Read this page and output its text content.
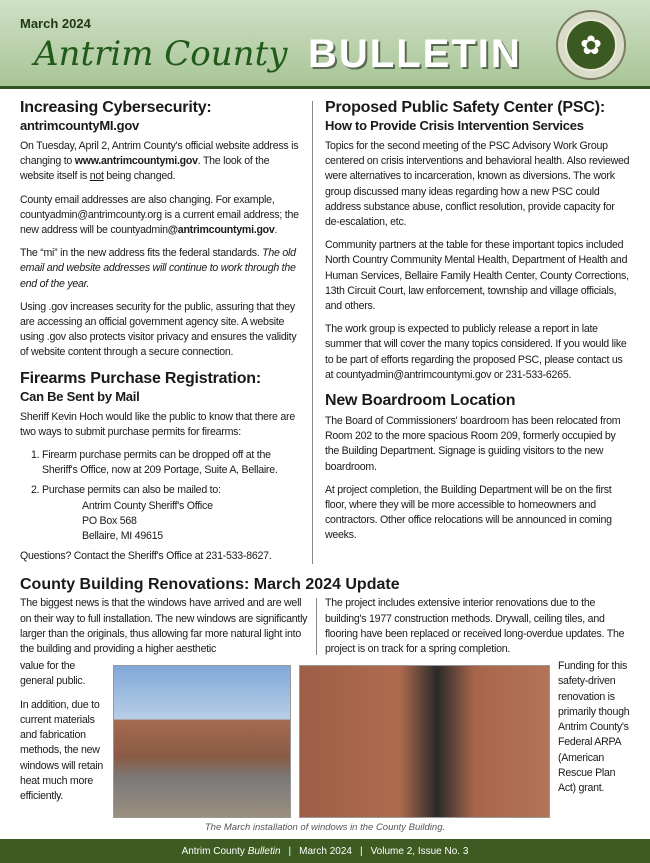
March 2024
Antrim County BULLETIN	✿
Increasing Cybersecurity:
antrimcountyMI.gov

On Tuesday, April 2, Antrim County's official website address is changing to www.antrimcountymi.gov. The look of the website itself is not being changed.

County email addresses are also changing. For example, countyadmin@antrimcounty.org is a current email address; the new address will be countyadmin@antrimcountymi.gov.

The “mi” in the new address fits the federal standards. The old email and website addresses will continue to work through the end of the year.

Using .gov increases security for the public, assuring that they are accessing an official government agency site. A website using .gov also protects visitor privacy and ensures the validity of website content through a secure connection.

Firearms Purchase Registration:
Can Be Sent by Mail

Sheriff Kevin Hoch would like the public to know that there are two ways to submit purchase permits for firearms:

1. Firearm purchase permits can be dropped off at the Sheriff's Office, now at 209 Portage, Suite A, Bellaire.
2. Purchase permits can also be mailed to:
Antrim County Sheriff's Office
PO Box 568
Bellaire, MI 49615

Questions? Contact the Sheriff's Office at 231-533-8627.

Proposed Public Safety Center (PSC):
How to Provide Crisis Intervention Services

Topics for the second meeting of the PSC Advisory Work Group centered on crisis interventions and behavioral health. Also reviewed were alternatives to incarceration, known as diversions. The work group discussed many ideas regarding how a new PSC could address substance abuse, conflict resolution, provide capacity for de-escalation, etc.

Community partners at the table for these important topics included North Country Community Mental Health, Department of Health and Human Services, Bellaire Family Health Center, County Corrections, 13th Circuit Court, law enforcement, township and village officials, and others.

The work group is expected to publicly release a report in late summer that will cover the many topics considered. If you would like to be part of efforts regarding the proposed PSC, please contact us at countyadmin@antrimcountymi.gov or 231-533-6265.

New Boardroom Location

The Board of Commissioners' boardroom has been relocated from Room 202 to the more spacious Room 209, formerly occupied by the Building Department. Signage is guiding visitors to the new boardroom.

At project completion, the Building Department will be on the first floor, where they will be more accessible to homeowners and contractors. Other office relocations will be announced in coming weeks.

County Building Renovations: March 2024 Update
The biggest news is that the windows have arrived and are well on their way to full installation. The new windows are significantly larger than the originals, thus allowing far more natural light into the building and providing a higher aesthetic
The project includes extensive interior renovations due to the building's 1977 construction methods. Drywall, ceiling tiles, and flooring have been replaced or received long-overdue updates. The project is on track for a spring completion.

value for the general public.

In addition, due to current materials and fabrication methods, the new windows will retain heat much more efficiently.

Funding for this safety-driven renovation is primarily though Antrim County's Federal ARPA (American Rescue Plan Act) grant.
The March installation of windows in the County Building.
Antrim County Bulletin | March 2024 | Volume 2, Issue No. 3
